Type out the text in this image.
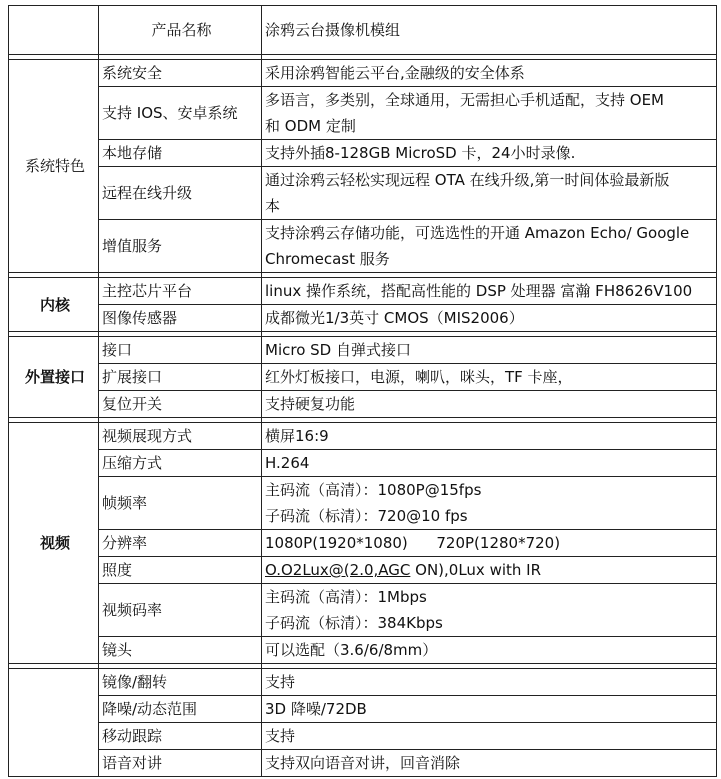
	产品名称	涂鸦云台摄像机模组

系统特色	系统安全	采用涂鸦智能云平台,金融级的安全体系
	支持 IOS、安卓系统	多语言，多类别，全球通用，无需担心手机适配，支持 OEM
和 ODM 定制

	本地存储	支持外插8-128GB MicroSD 卡，24小时录像.
	远程在线升级	通过涂鸦云轻松实现远程 OTA 在线升级,第一时间体验最新版
本

	增值服务	支持涂鸦云存储功能，可选选性的开通 Amazon Echo/ Google
Chromecast 服务

内核	主控芯片平台	linux 操作系统，搭配高性能的 DSP 处理器 富瀚 FH8626V100
	图像传感器	成都微光1/3英寸 CMOS（MIS2006）

外置接口	接口	Micro SD 自弹式接口
	扩展接口	红外灯板接口，电源，喇叭，咪头，TF 卡座，
	复位开关	支持硬复功能

视频	视频展现方式	横屏16:9
	压缩方式	H.264
	帧频率	主码流（高清）：1080P@15fps
子码流（标清）：720@10 fps

	分辨率	1080P(1920*1080)      720P(1280*720)
	照度	O.O2Lux@(2.0,AGC ON),0Lux with IR
	视频码率	主码流（高清）：1Mbps
子码流（标清）：384Kbps

	镜头	可以选配（3.6/6/8mm）

	镜像/翻转	支持
	降噪/动态范围	3D 降噪/72DB
	移动跟踪	支持
	语音对讲	支持双向语音对讲，回音消除
